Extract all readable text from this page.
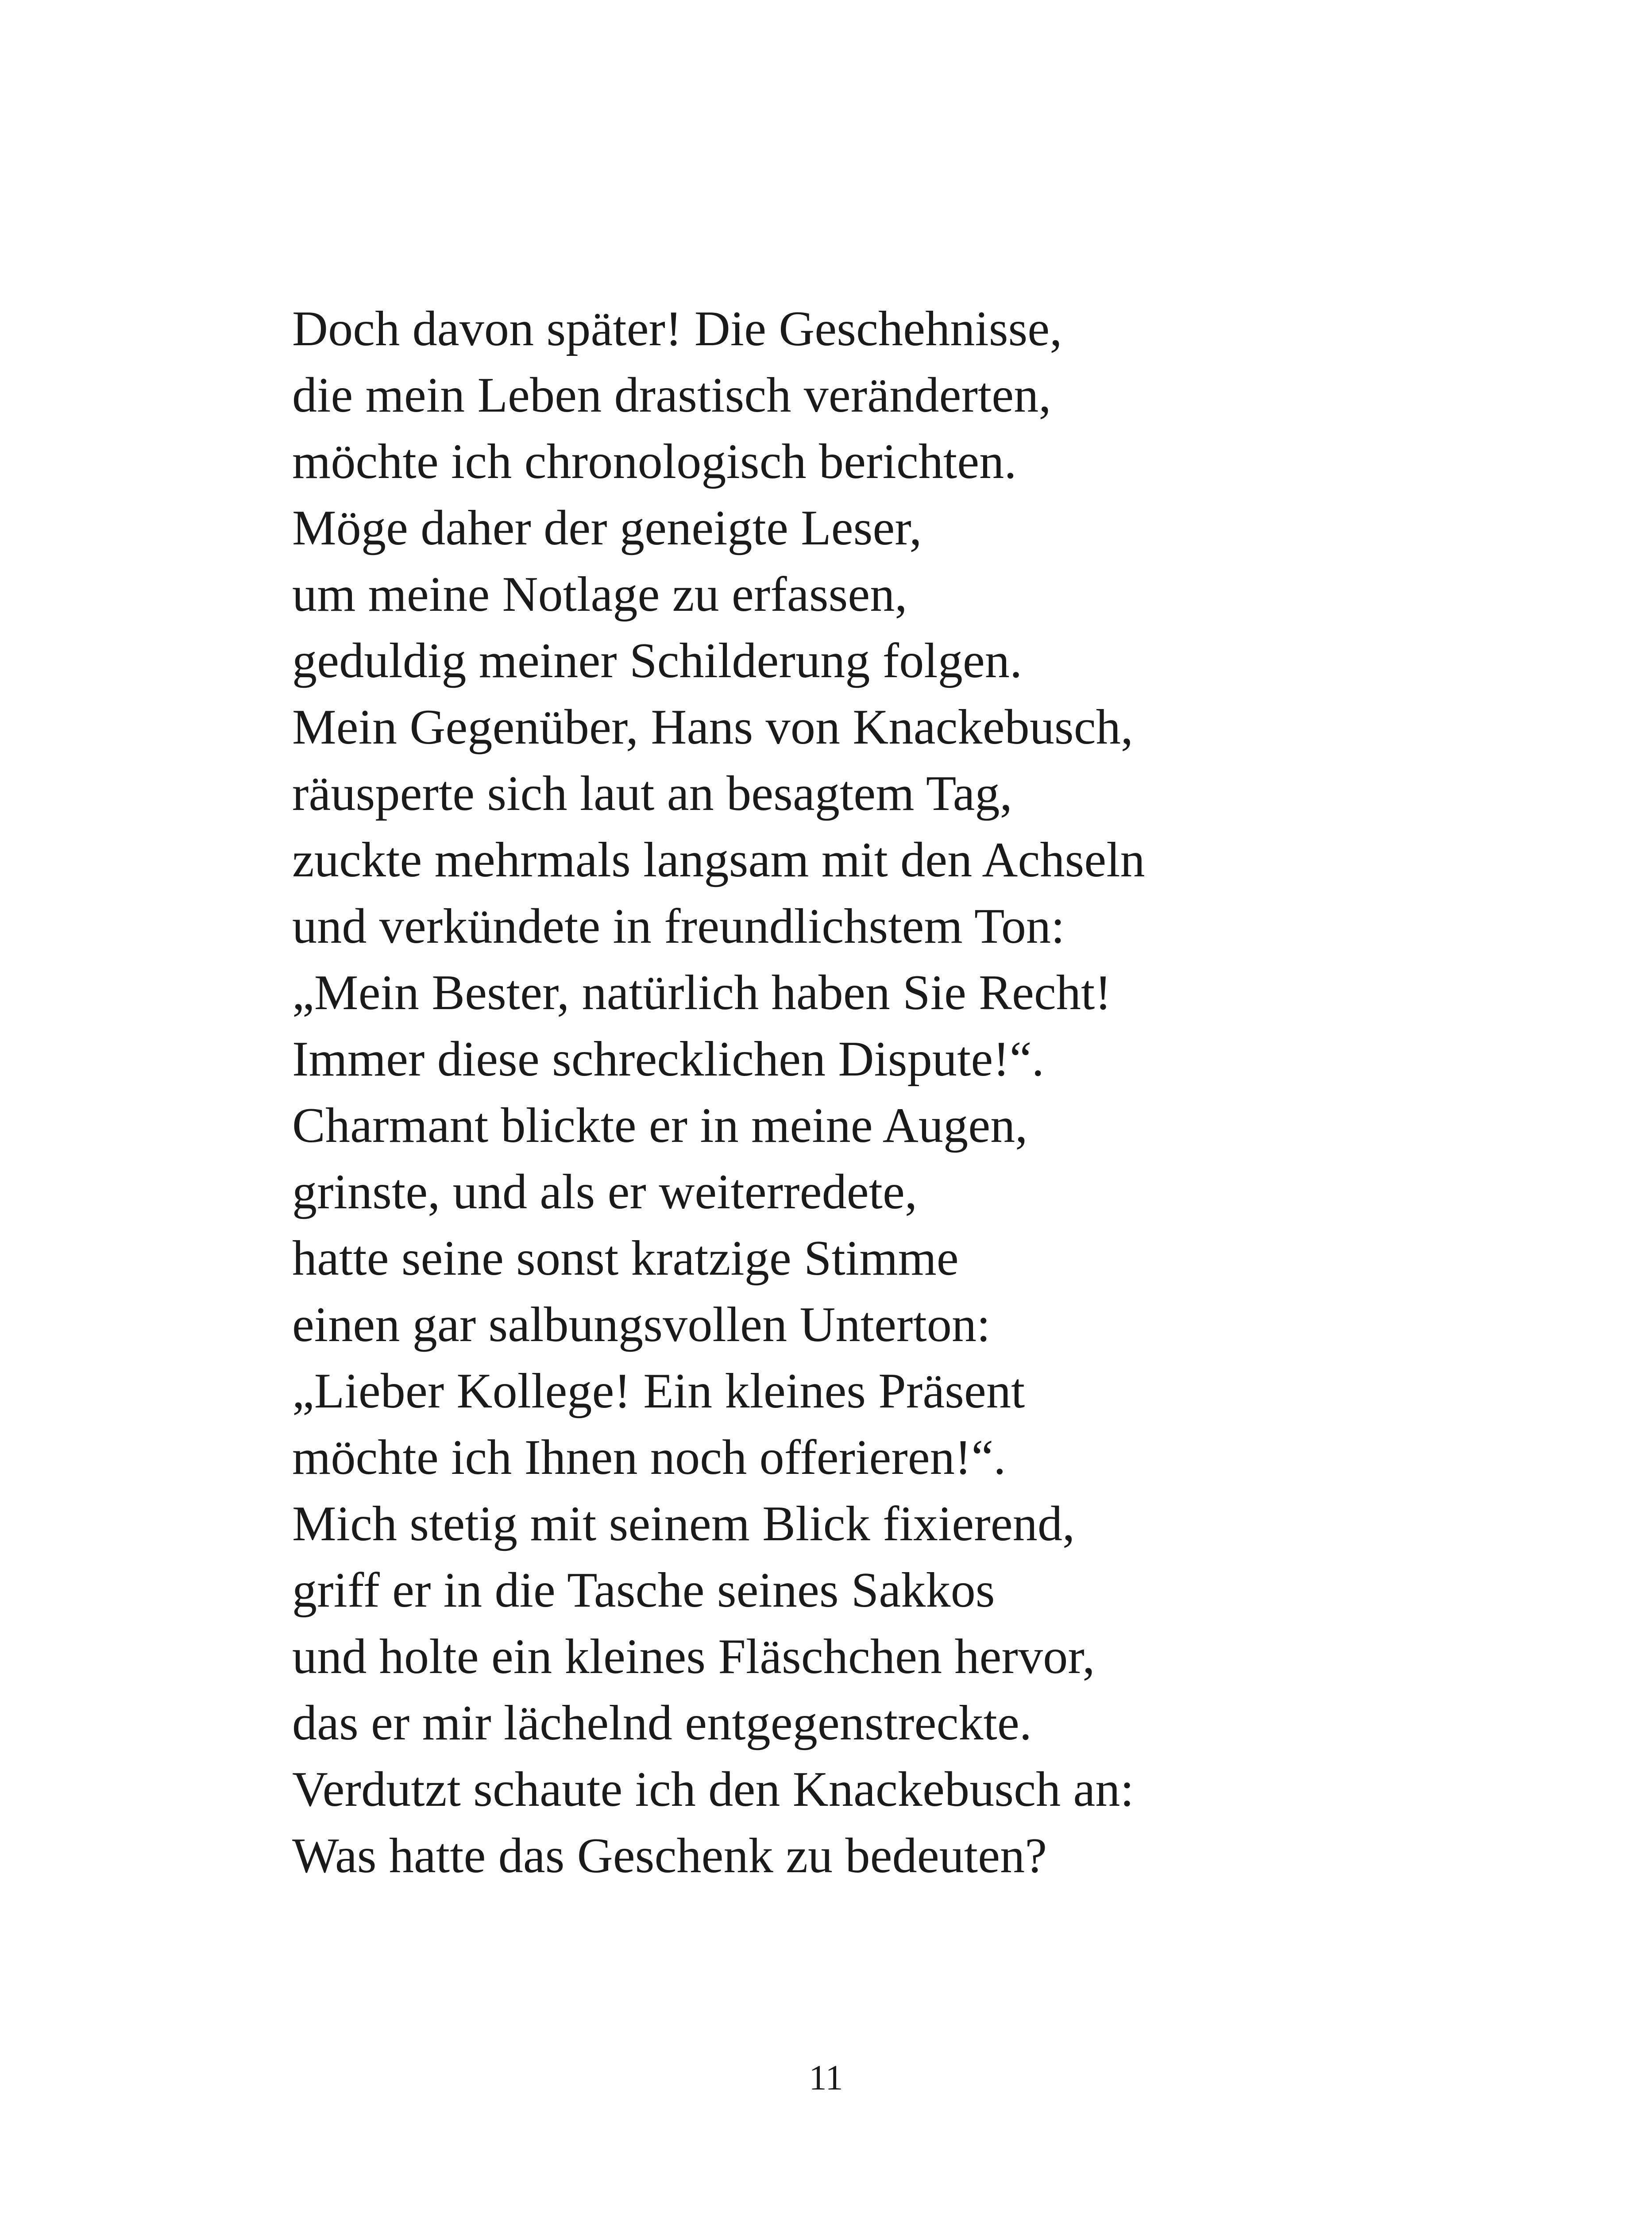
Doch davon später! Die Geschehnisse,
die mein Leben drastisch veränderten,
möchte ich chronologisch berichten.
Möge daher der geneigte Leser,
um meine Notlage zu erfassen,
geduldig meiner Schilderung folgen.
Mein Gegenüber, Hans von Knackebusch,
räusperte sich laut an besagtem Tag,
zuckte mehrmals langsam mit den Achseln
und verkündete in freundlichstem Ton:
„Mein Bester, natürlich haben Sie Recht!
Immer diese schrecklichen Dispute!“.
Charmant blickte er in meine Augen,
grinste, und als er weiterredete,
hatte seine sonst kratzige Stimme
einen gar salbungsvollen Unterton:
„Lieber Kollege! Ein kleines Präsent
möchte ich Ihnen noch offerieren!“.
Mich stetig mit seinem Blick fixierend,
griff er in die Tasche seines Sakkos
und holte ein kleines Fläschchen hervor,
das er mir lächelnd entgegenstreckte.
Verdutzt schaute ich den Knackebusch an:
Was hatte das Geschenk zu bedeuten?
11
